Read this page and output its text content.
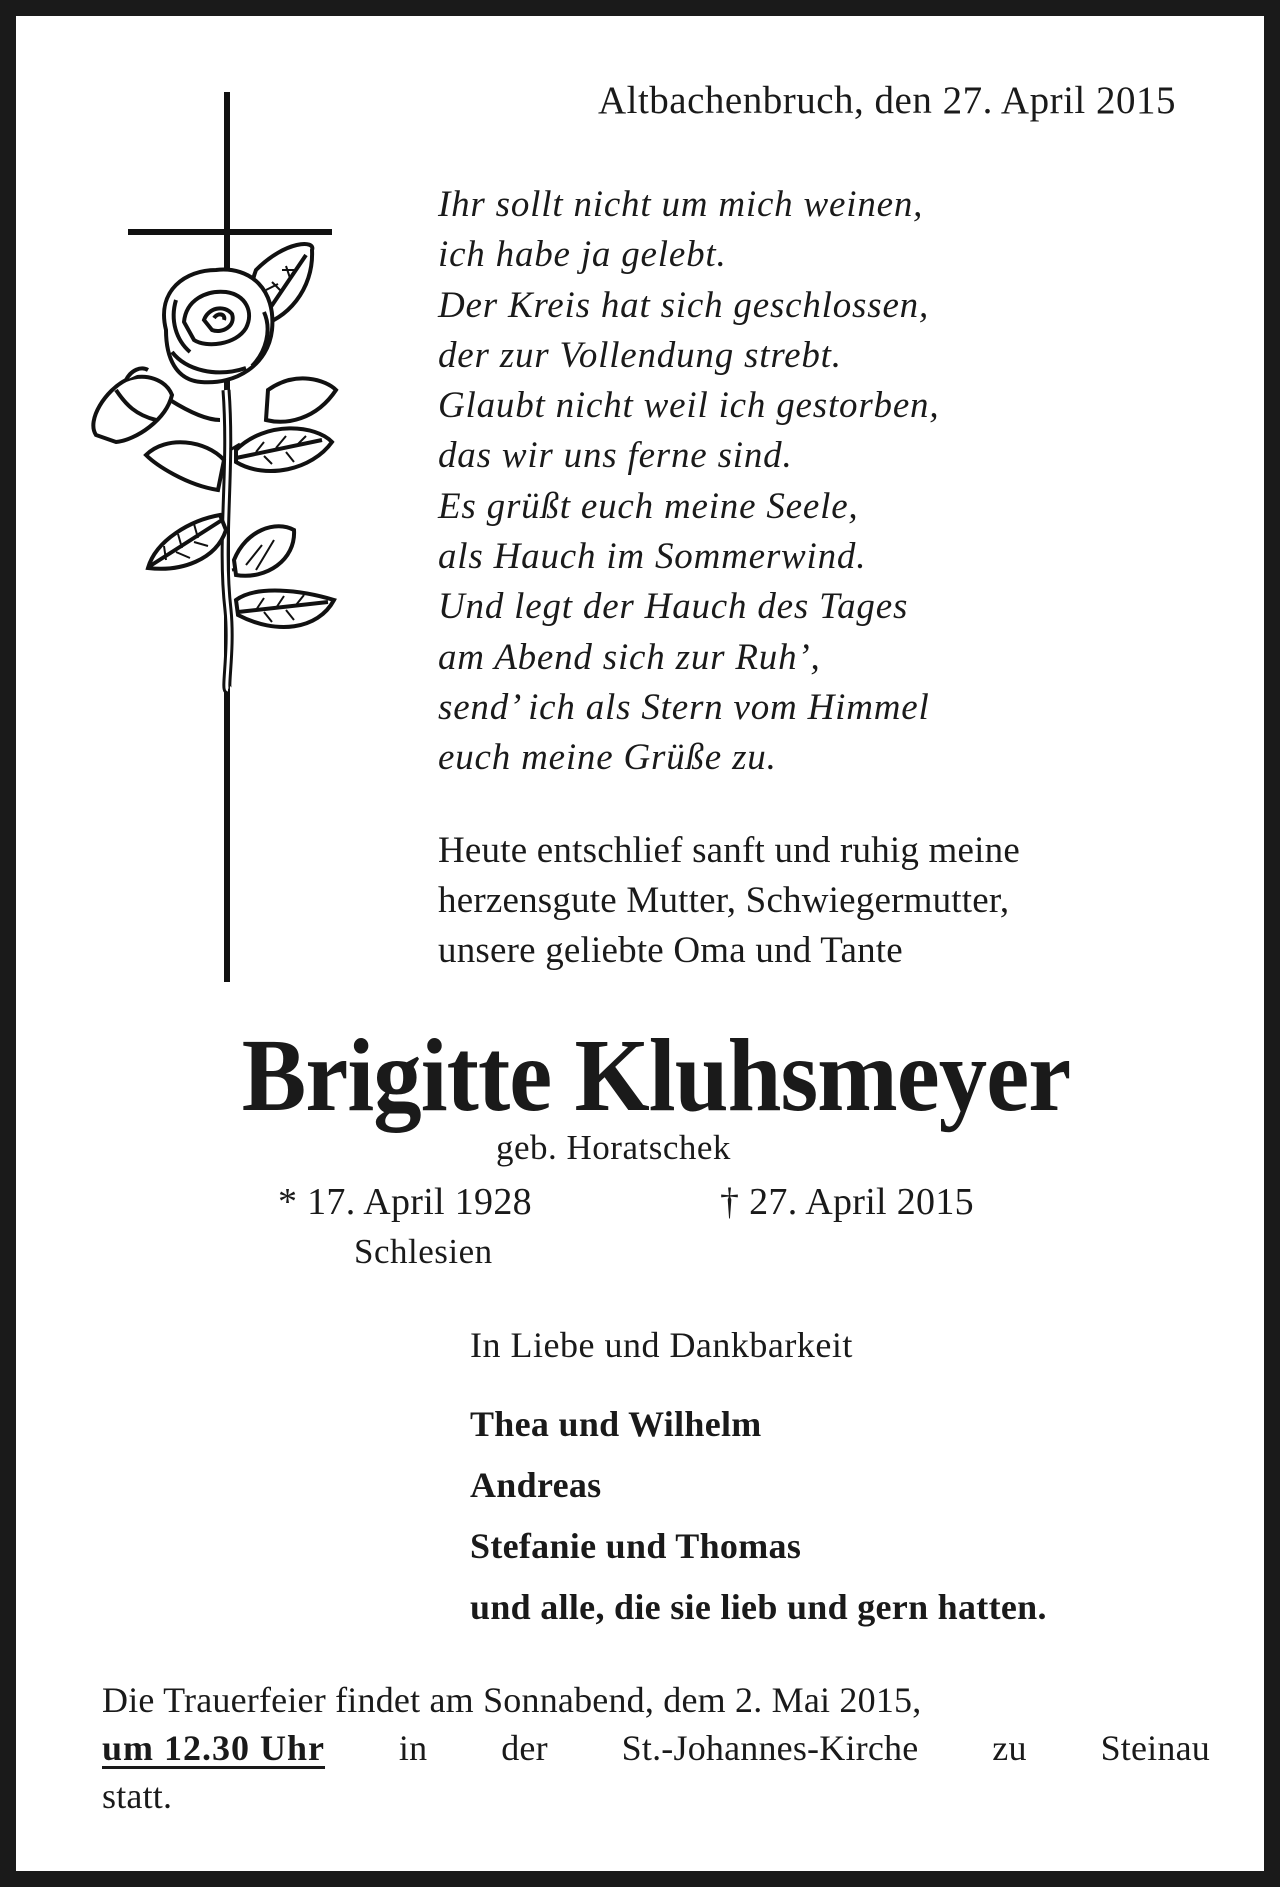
Altbachenbruch, den 27. April 2015
Ihr sollt nicht um mich weinen,
ich habe ja gelebt.
Der Kreis hat sich geschlossen,
der zur Vollendung strebt.
Glaubt nicht weil ich gestorben,
das wir uns ferne sind.
Es grüßt euch meine Seele,
als Hauch im Sommerwind.
Und legt der Hauch des Tages
am Abend sich zur Ruh’,
send’ ich als Stern vom Himmel
euch meine Grüße zu.
Heute entschlief sanft und ruhig meine
herzensgute Mutter, Schwiegermutter,
unsere geliebte Oma und Tante
Brigitte Kluhsmeyer
geb. Horatschek
* 17. April 1928	† 27. April 2015
Schlesien
In Liebe und Dankbarkeit
Thea und Wilhelm
Andreas
Stefanie und Thomas
und alle, die sie lieb und gern hatten.
Die Trauerfeier findet am Sonnabend, dem 2. Mai 2015,
um 12.30 Uhr in der St.-Johannes-Kirche zu Steinau
statt.
